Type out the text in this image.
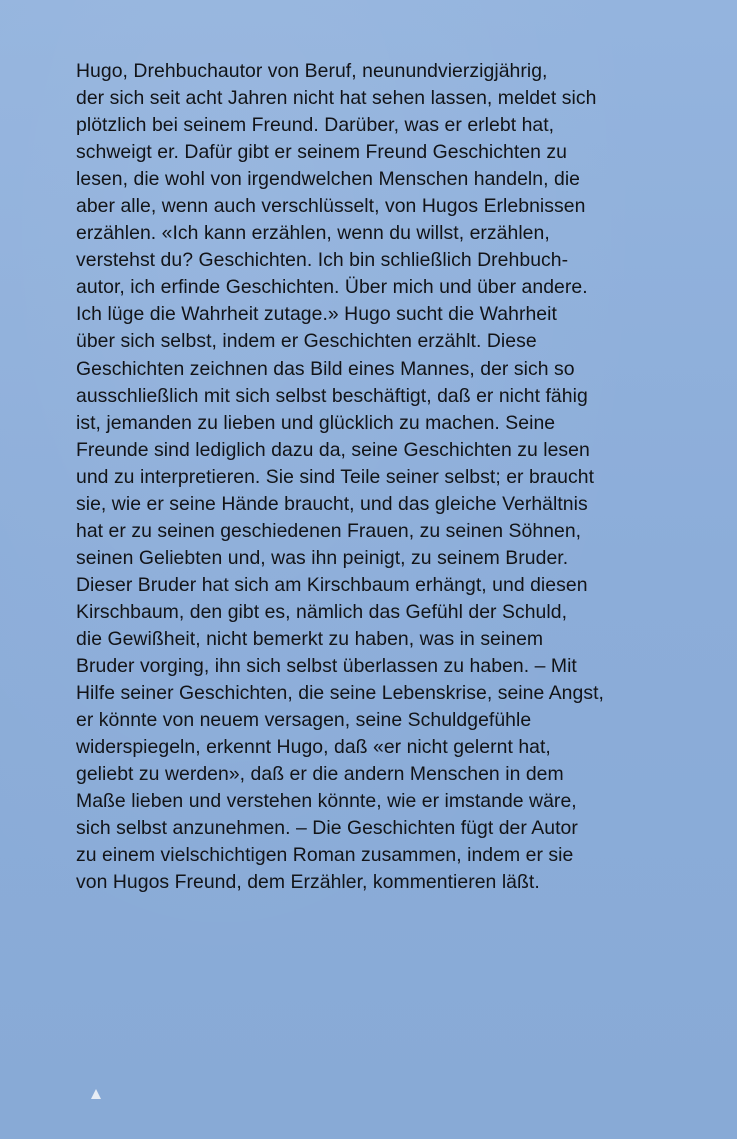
Hugo, Drehbuchautor von Beruf, neunundvierzigjährig,
der sich seit acht Jahren nicht hat sehen lassen, meldet sich
plötzlich bei seinem Freund. Darüber, was er erlebt hat,
schweigt er. Dafür gibt er seinem Freund Geschichten zu
lesen, die wohl von irgendwelchen Menschen handeln, die
aber alle, wenn auch verschlüsselt, von Hugos Erlebnissen
erzählen. «Ich kann erzählen, wenn du willst, erzählen,
verstehst du? Geschichten. Ich bin schließlich Drehbuch-
autor, ich erfinde Geschichten. Über mich und über andere.
Ich lüge die Wahrheit zutage.» Hugo sucht die Wahrheit
über sich selbst, indem er Geschichten erzählt. Diese
Geschichten zeichnen das Bild eines Mannes, der sich so
ausschließlich mit sich selbst beschäftigt, daß er nicht fähig
ist, jemanden zu lieben und glücklich zu machen. Seine
Freunde sind lediglich dazu da, seine Geschichten zu lesen
und zu interpretieren. Sie sind Teile seiner selbst; er braucht
sie, wie er seine Hände braucht, und das gleiche Verhältnis
hat er zu seinen geschiedenen Frauen, zu seinen Söhnen,
seinen Geliebten und, was ihn peinigt, zu seinem Bruder.
Dieser Bruder hat sich am Kirschbaum erhängt, und diesen
Kirschbaum, den gibt es, nämlich das Gefühl der Schuld,
die Gewißheit, nicht bemerkt zu haben, was in seinem
Bruder vorging, ihn sich selbst überlassen zu haben. – Mit
Hilfe seiner Geschichten, die seine Lebenskrise, seine Angst,
er könnte von neuem versagen, seine Schuldgefühle
widerspiegeln, erkennt Hugo, daß «er nicht gelernt hat,
geliebt zu werden», daß er die andern Menschen in dem
Maße lieben und verstehen könnte, wie er imstande wäre,
sich selbst anzunehmen. – Die Geschichten fügt der Autor
zu einem vielschichtigen Roman zusammen, indem er sie
von Hugos Freund, dem Erzähler, kommentieren läßt.
